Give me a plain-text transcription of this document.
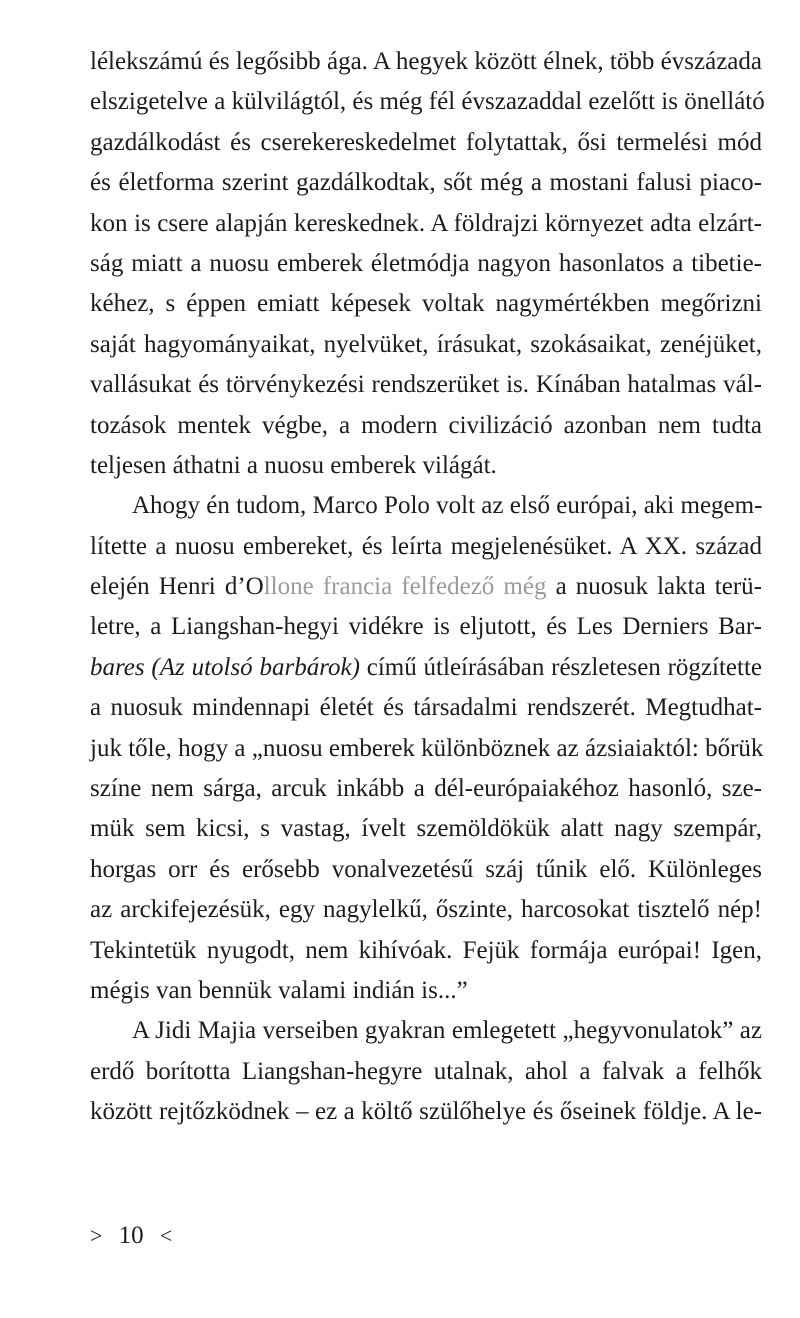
lélekszámú és legősibb ága. A hegyek között élnek, több évszázada
elszigetelve a külvilágtól, és még fél évszazaddal ezelőtt is önellátó
gazdálkodást és cserekereskedelmet folytattak, ősi termelési mód
és életforma szerint gazdálkodtak, sőt még a mostani falusi piaco-
kon is csere alapján kereskednek. A földrajzi környezet adta elzárt-
ság miatt a nuosu emberek életmódja nagyon hasonlatos a tibetie-
kéhez, s éppen emiatt képesek voltak nagymértékben megőrizni
saját hagyományaikat, nyelvüket, írásukat, szokásaikat, zenéjüket,
vallásukat és törvénykezési rendszerüket is. Kínában hatalmas vál-
tozások mentek végbe, a modern civilizáció azonban nem tudta
teljesen áthatni a nuosu emberek világát.
Ahogy én tudom, Marco Polo volt az első európai, aki megem-
lítette a nuosu embereket, és leírta megjelenésüket. A XX. század
elején Henri d’Ollone francia felfedező még a nuosuk lakta terü-
letre, a Liangshan-hegyi vidékre is eljutott, és Les Derniers Bar-
bares (Az utolsó barbárok) című útleírásában részletesen rögzítette
a nuosuk mindennapi életét és társadalmi rendszerét. Megtudhat-
juk tőle, hogy a „nuosu emberek különböznek az ázsiaiaktól: bőrük
színe nem sárga, arcuk inkább a dél-európaiakéhoz hasonló, sze-
mük sem kicsi, s vastag, ívelt szemöldökük alatt nagy szempár,
horgas orr és erősebb vonalvezetésű száj tűnik elő. Különleges
az arckifejezésük, egy nagylelkű, őszinte, harcosokat tisztelő nép!
Tekintetük nyugodt, nem kihívóak. Fejük formája európai! Igen,
mégis van bennük valami indián is...”
A Jidi Majia verseiben gyakran emlegetett „hegyvonulatok” az
erdő borította Liangshan-hegyre utalnak, ahol a falvak a felhők
között rejtőzködnek – ez a költő szülőhelye és őseinek földje. A le-
> 10 <
